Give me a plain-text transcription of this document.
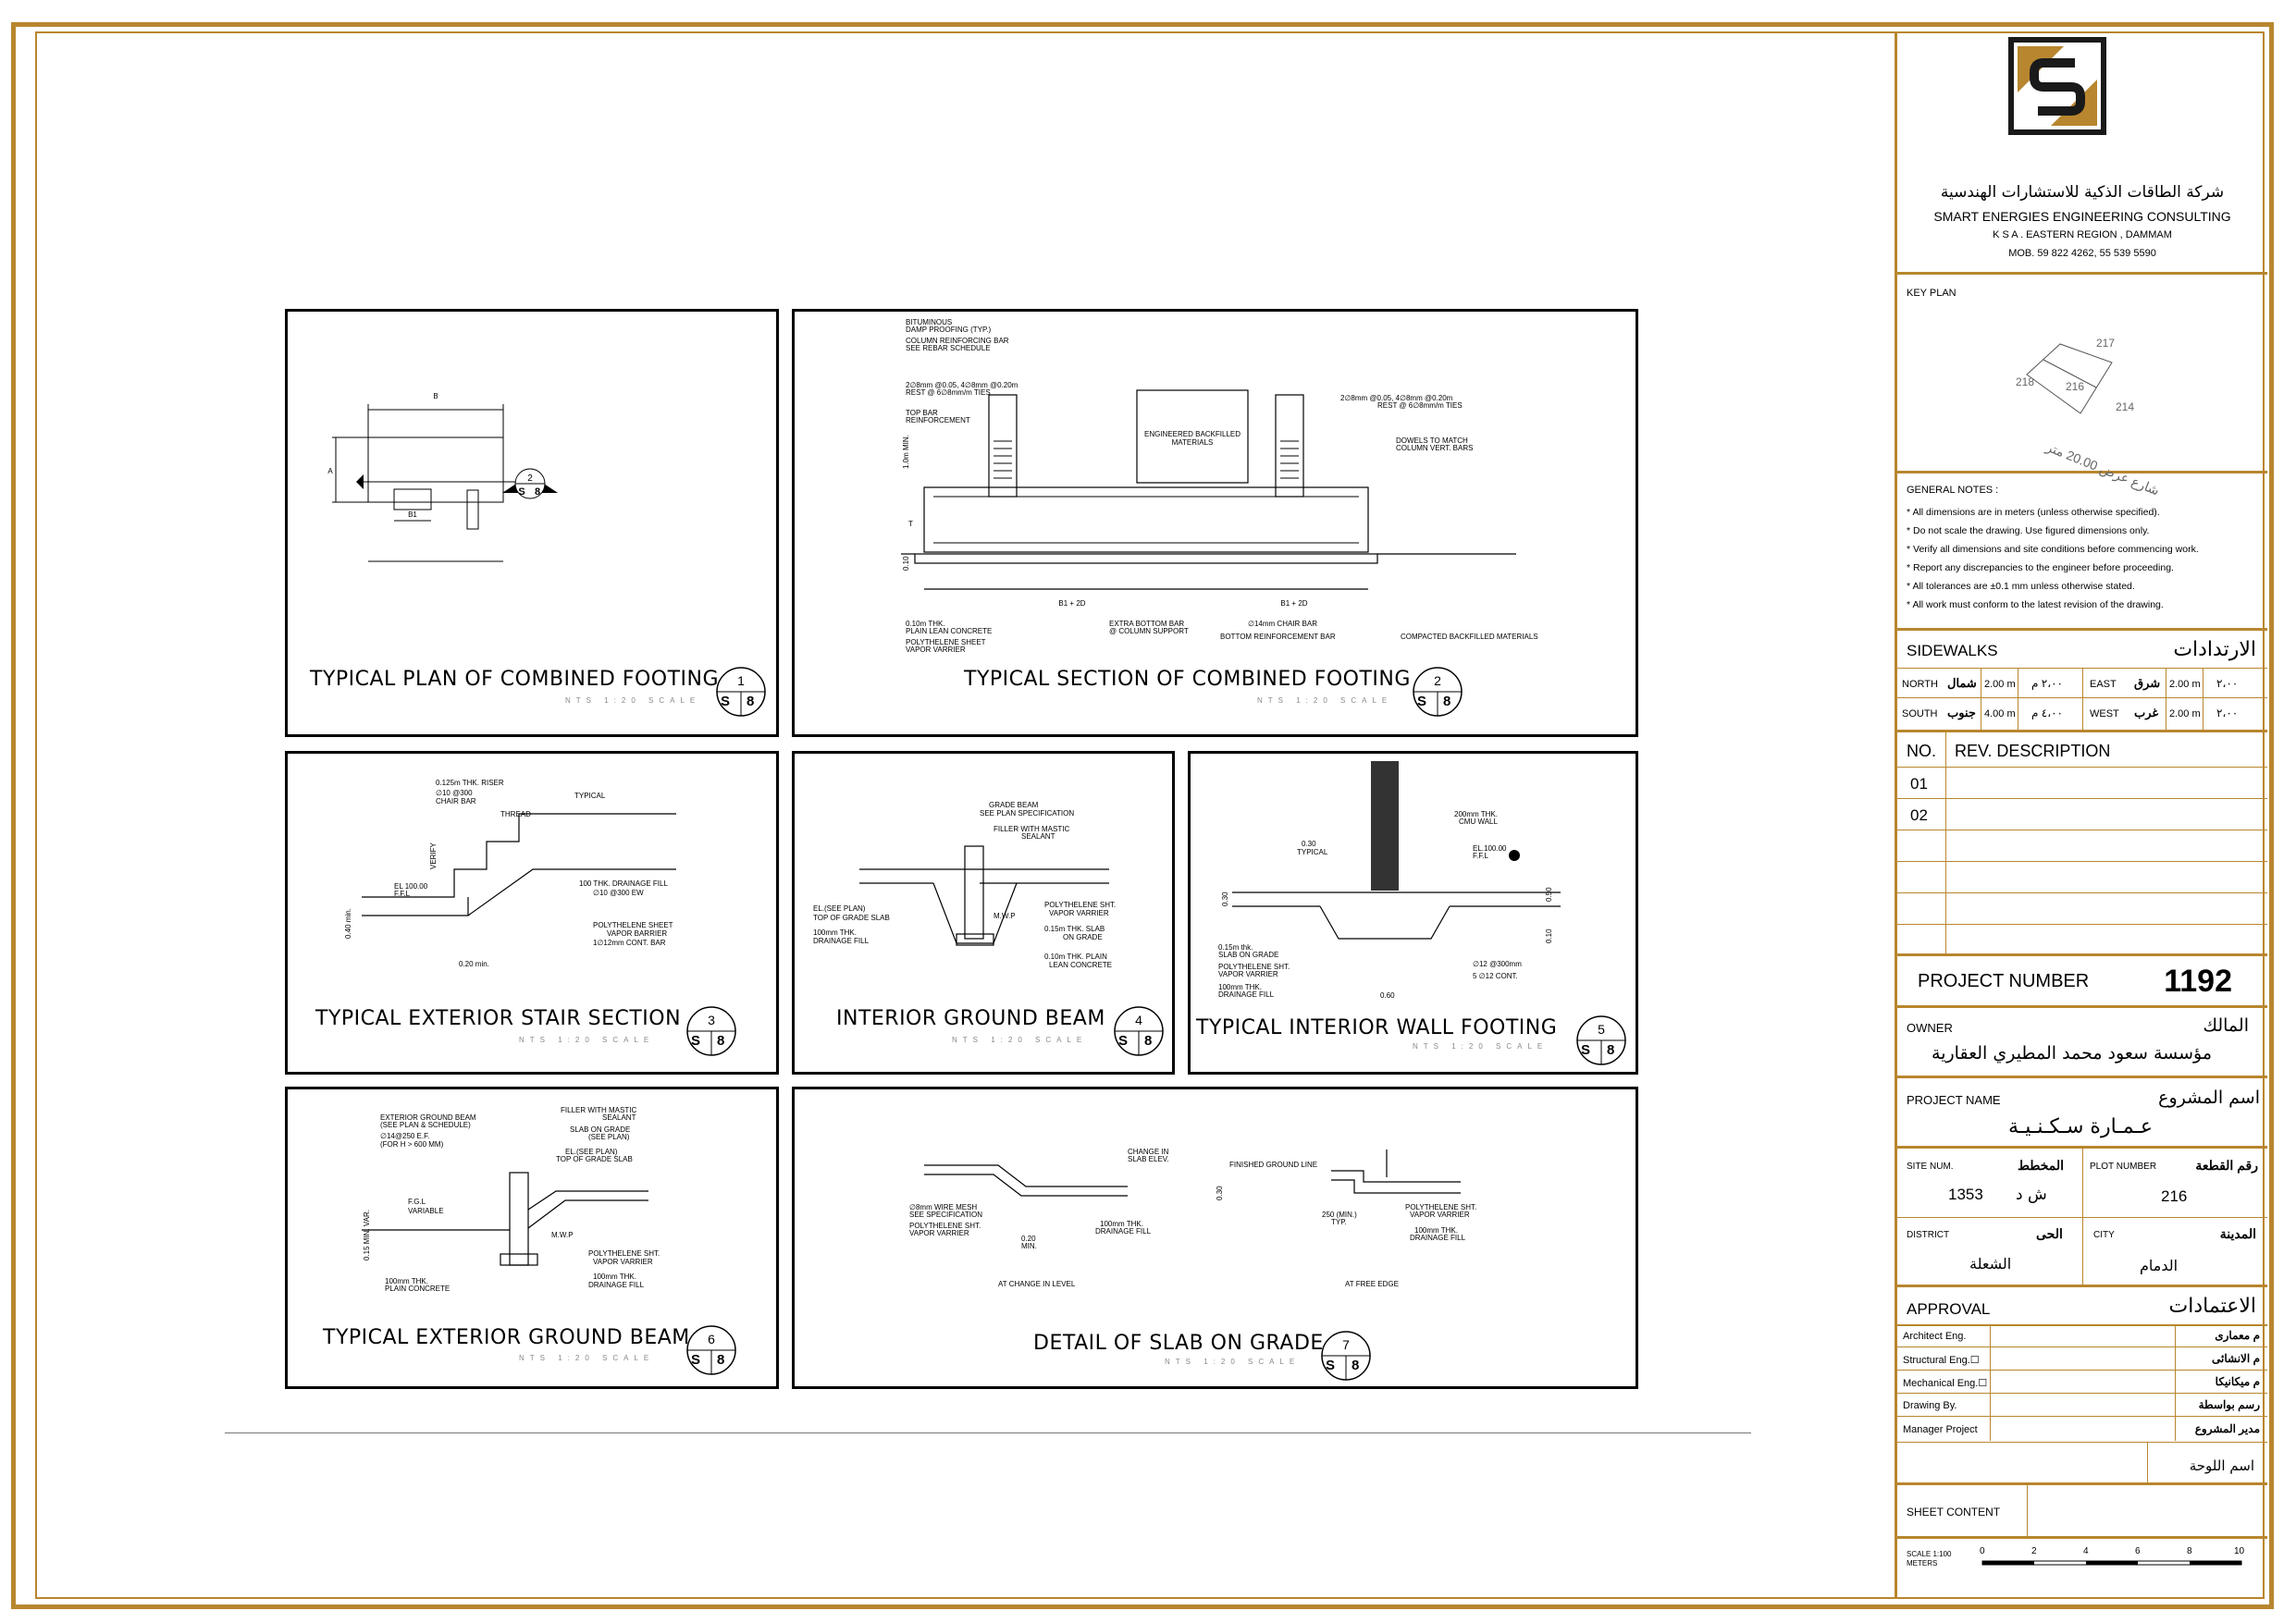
2
S 8
B
A
B1
TYPICAL PLAN OF COMBINED FOOTING	1
S 8
NTS 1:20 SCALE
BITUMINOUS
DAMP PROOFING (TYP.)
COLUMN REINFORCING BAR
SEE REBAR SCHEDULE
2∅8mm @0.05, 4∅8mm @0.20m
REST @ 6∅8mm/m TIES
TOP BAR
REINFORCEMENT
ENGINEERED BACKFILLED
MATERIALS
2∅8mm @0.05, 4∅8mm @0.20m
REST @ 6∅8mm/m TIES
DOWELS TO MATCH
COLUMN VERT. BARS
1.0m MIN.
T
0.10
B1 + 2D	B1 + 2D
0.10m THK.
PLAIN LEAN CONCRETE
POLYTHELENE SHEET
VAPOR VARRIER
EXTRA BOTTOM BAR
@ COLUMN SUPPORT
∅14mm CHAIR BAR
BOTTOM REINFORCEMENT BAR	COMPACTED BACKFILLED MATERIALS
TYPICAL SECTION OF COMBINED FOOTING	2
S 8
NTS 1:20 SCALE
0.125m THK. RISER
∅10 @300
CHAIR BAR
THREAD
TYPICAL
VERIFY
EL 100.00
F.F.L
0.40 min.
100 THK. DRAINAGE FILL
∅10 @300 EW
POLYTHELENE SHEET
VAPOR BARRIER
1∅12mm CONT. BAR
0.20 min.
TYPICAL EXTERIOR STAIR SECTION	3
S 8
NTS 1:20 SCALE
GRADE BEAM
SEE PLAN SPECIFICATION
FILLER WITH MASTIC
SEALANT
POLYTHELENE SHT.
VAPOR VARRIER
0.15m THK. SLAB
ON GRADE
0.10m THK. PLAIN
LEAN CONCRETE
EL.(SEE PLAN)
TOP OF GRADE SLAB
100mm THK.
DRAINAGE FILL
M.W.P
INTERIOR GROUND BEAM	4
S 8
NTS 1:20 SCALE
200mm THK.
CMU WALL
EL.100.00
F.F.L
0.30
TYPICAL
0.30
0.15m thk.
SLAB ON GRADE
POLYTHELENE SHT.
VAPOR VARRIER
100mm THK.
DRAINAGE FILL
∅12 @300mm
5 ∅12 CONT.
0.60
0.10
0.50
TYPICAL INTERIOR WALL FOOTING	5
S 8
NTS 1:20 SCALE
EXTERIOR GROUND BEAM
(SEE PLAN & SCHEDULE)
∅14@250 E.F.
(FOR H > 600 MM)
FILLER WITH MASTIC
SEALANT
SLAB ON GRADE
(SEE PLAN)
EL.(SEE PLAN)
TOP OF GRADE SLAB
F.G.L
VARIABLE
0.15 MIN. VAR.	M.W.P
POLYTHELENE SHT.
VAPOR VARRIER
100mm THK.
PLAIN CONCRETE
100mm THK.
DRAINAGE FILL
TYPICAL EXTERIOR GROUND BEAM	6
S 8
NTS 1:20 SCALE
CHANGE IN
SLAB ELEV.
∅8mm WIRE MESH
SEE SPECIFICATION
POLYTHELENE SHT.
VAPOR VARRIER
100mm THK.
DRAINAGE FILL
0.20
MIN.
AT CHANGE IN LEVEL
FINISHED GROUND LINE
0.30
POLYTHELENE SHT.
VAPOR VARRIER
250 (MIN.)
TYP.
100mm THK.
DRAINAGE FILL
AT FREE EDGE
DETAIL OF SLAB ON GRADE	7
S 8
NTS 1:20 SCALE
شركة الطاقات الذكية للاستشارات الهندسية
SMART ENERGIES ENGINEERING CONSULTING
K S A . EASTERN REGION , DAMMAM
MOB. 59 822 4262, 55 539 5590
KEY PLAN
217
218	216
214
شارع عرض 20.00 متر
GENERAL NOTES :
* All dimensions are in meters (unless otherwise specified).
* Do not scale the drawing. Use figured dimensions only.
* Verify all dimensions and site conditions before commencing work.
* Report any discrepancies to the engineer before proceeding.
* All tolerances are ±0.1 mm unless otherwise stated.
* All work must conform to the latest revision of the drawing.
SIDEWALKS	الارتدادات
NORTH شمال 2.00 m ٢،٠٠ م	EAST شرق 2.00 m ٢،٠٠
SOUTH جنوب 4.00 m ٤،٠٠ م	WEST غرب 2.00 m ٢،٠٠
NO. REV. DESCRIPTION
01
02
PROJECT NUMBER 1192
OWNER	المالك
مؤسسة سعود محمد المطيري العقارية
PROJECT NAME	اسم المشروع
عـمـارة سـكـنـيـة
SITE NUM.	المخطط
1353 ش د
PLOT NUMBER	رقم القطعة
216
DISTRICT	الحى
الشعلة
CITY	المدينة
الدمام
APPROVAL	الاعتمادات
Architect Eng.	م معمارى
Structural Eng.☐	م الانشائى
Mechanical Eng.☐	م ميكانيكا
Drawing By.	رسم بواسطة
Manager Project	مدير المشروع
اسم اللوحة
SHEET CONTENT
SCALE 1:100
METERS
0	2	4	6	8	10
